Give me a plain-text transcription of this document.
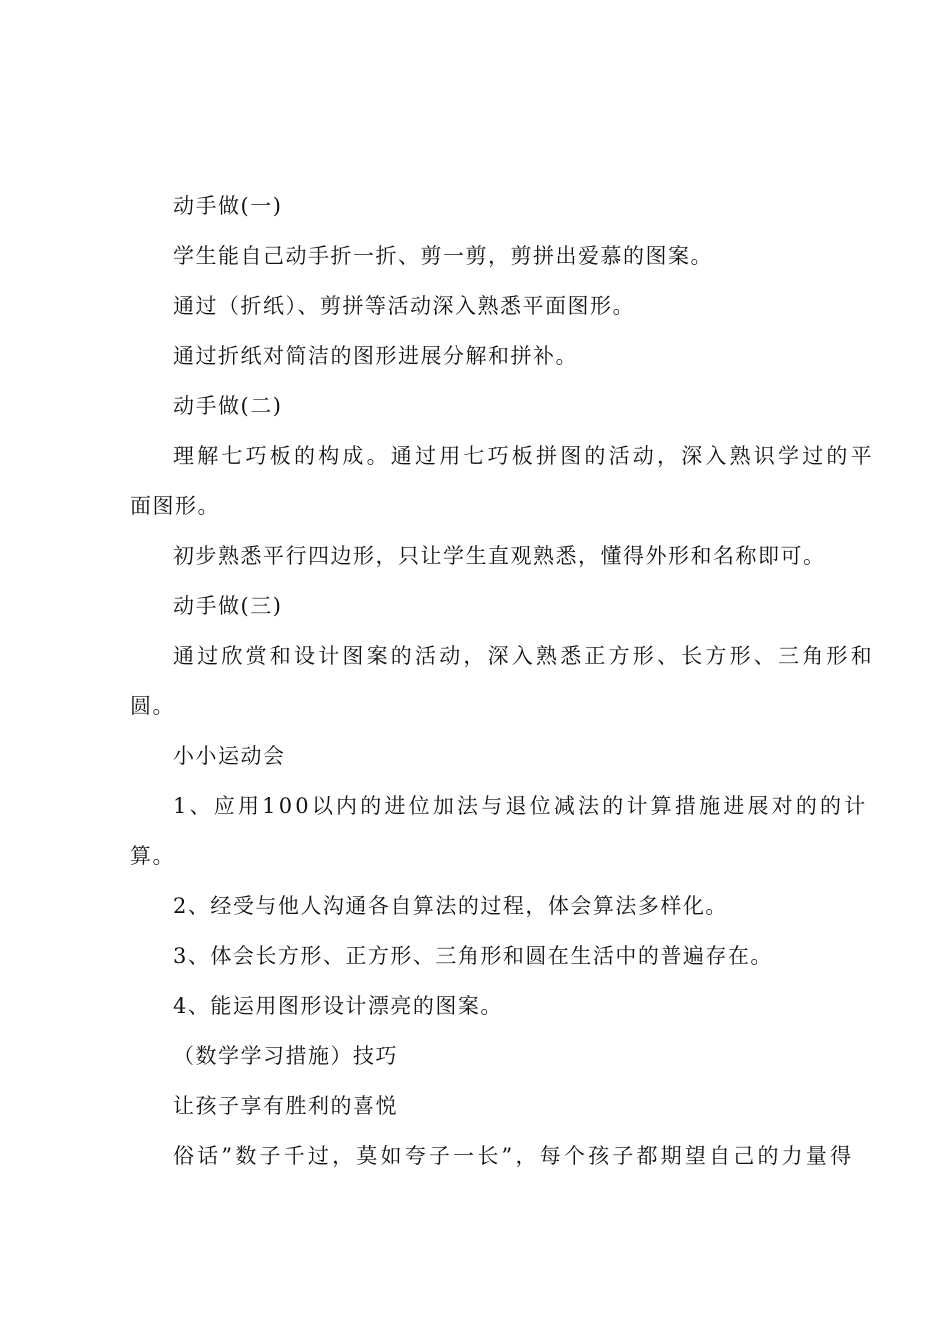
动手做(一)
学生能自己动手折一折、剪一剪，剪拼出爱慕的图案。
通过（折纸）、剪拼等活动深入熟悉平面图形。
通过折纸对简洁的图形进展分解和拼补。
动手做(二)
理解七巧板的构成。通过用七巧板拼图的活动，深入熟识学过的平
面图形。
初步熟悉平行四边形，只让学生直观熟悉，懂得外形和名称即可。
动手做(三)
通过欣赏和设计图案的活动，深入熟悉正方形、长方形、三角形和
圆。
小小运动会
1、应用100以内的进位加法与退位减法的计算措施进展对的的计
算。
2、经受与他人沟通各自算法的过程，体会算法多样化。
3、体会长方形、正方形、三角形和圆在生活中的普遍存在。
4、能运用图形设计漂亮的图案。
（数学学习措施）技巧
让孩子享有胜利的喜悦
俗话”数子千过，莫如夸子一长”，每个孩子都期望自己的力量得
